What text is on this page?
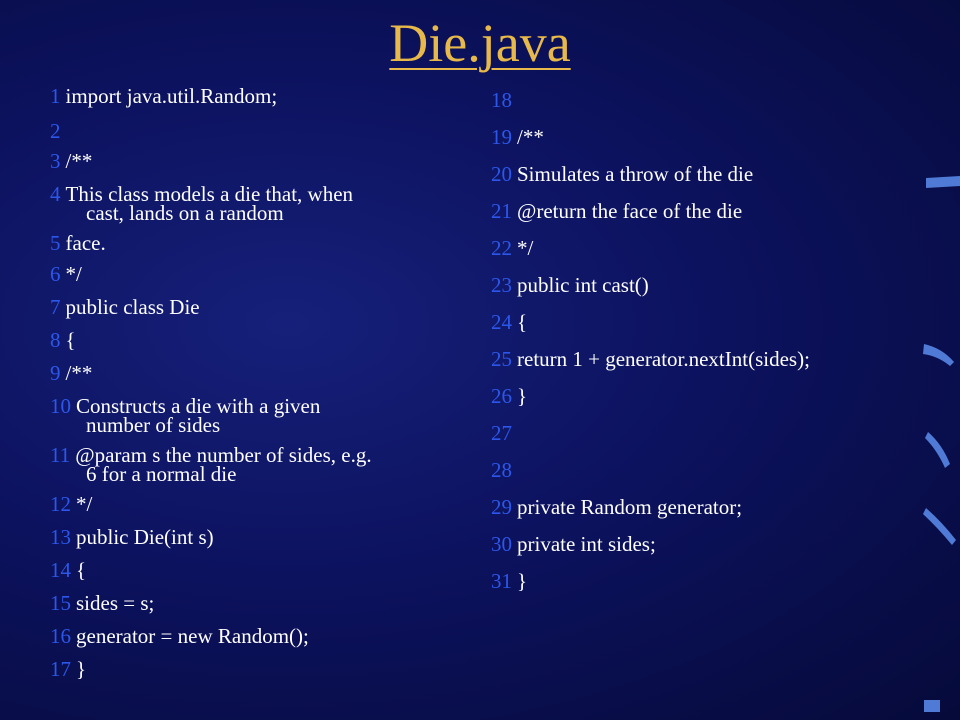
Die.java
1 import java.util.Random;
2
3 /**
4 This class models a die that, when
cast, lands on a random
5 face.
6 */
7 public class Die
8 {
9 /**
10 Constructs a die with a given
number of sides
11 @param s the number of sides, e.g.
6 for a normal die
12 */
13 public Die(int s)
14 {
15 sides = s;
16 generator = new Random();
17 }
18
19 /**
20 Simulates a throw of the die
21 @return the face of the die
22 */
23 public int cast()
24 {
25 return 1 + generator.nextInt(sides);
26 }
27
28
29 private Random generator;
30 private int sides;
31 }
